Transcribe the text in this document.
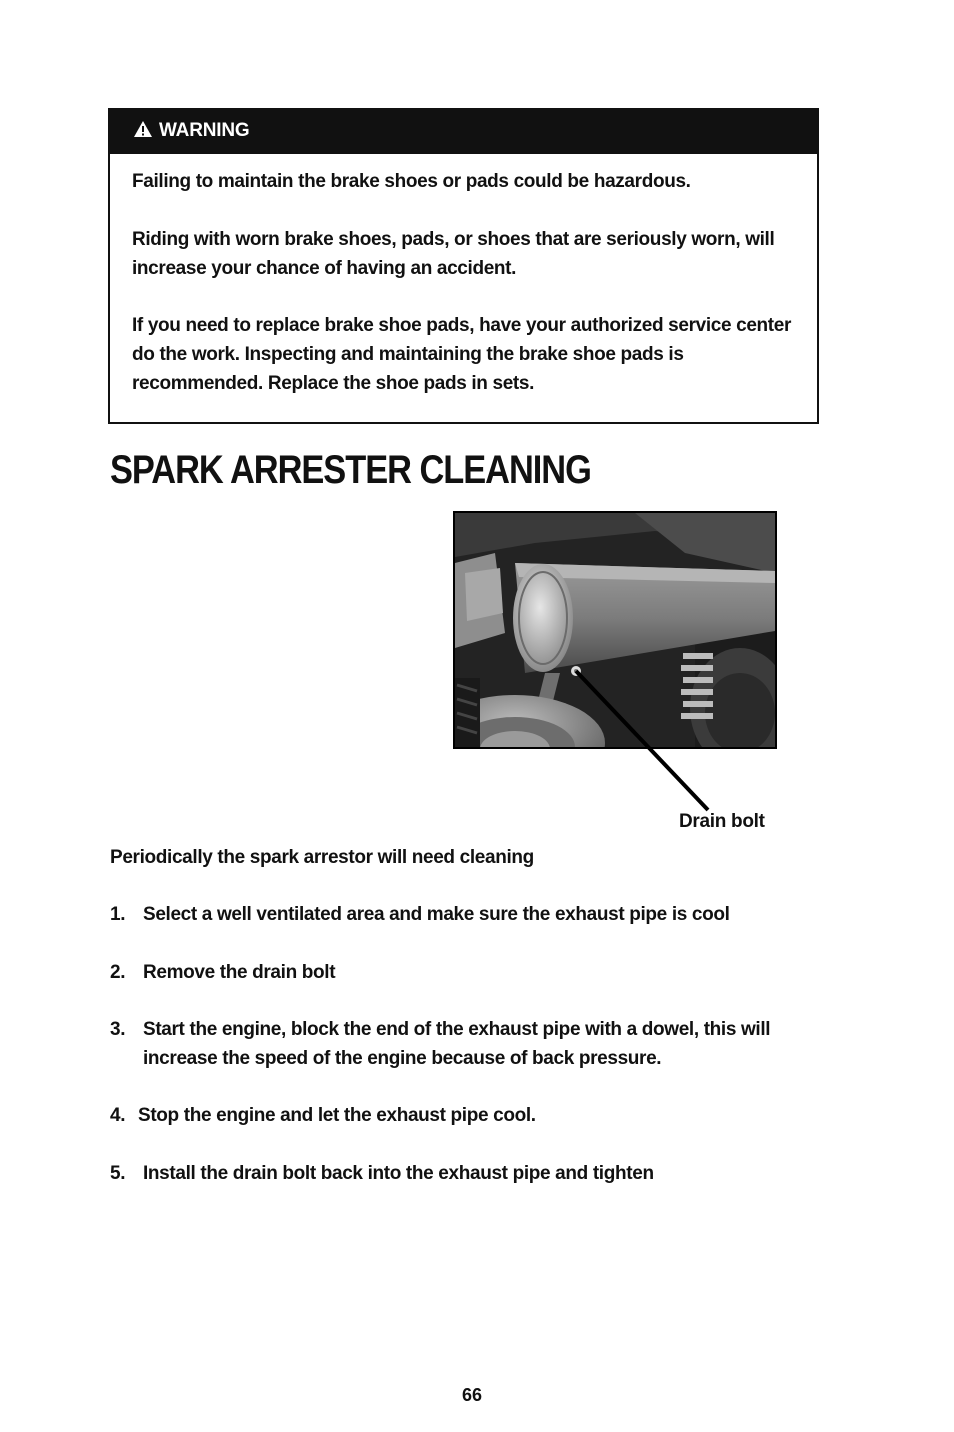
WARNING
Failing to maintain the brake shoes or pads could be hazardous.
Riding with worn brake shoes, pads, or shoes that are seriously worn, will increase your chance of having an accident.
If you need to replace brake shoe pads, have your authorized service center do the work. Inspecting and maintaining the brake shoe pads is recommended. Replace the shoe pads in sets.
SPARK ARRESTER CLEANING
Drain bolt
Periodically the spark arrestor will need cleaning
1. Select a well ventilated area and make sure the exhaust pipe is cool
2. Remove the drain bolt
3. Start the engine, block the end of the exhaust pipe with a dowel, this will increase the speed of the engine because of back pressure.
4. Stop the engine and let the exhaust pipe cool.
5. Install the drain bolt back into the exhaust pipe and tighten
66
